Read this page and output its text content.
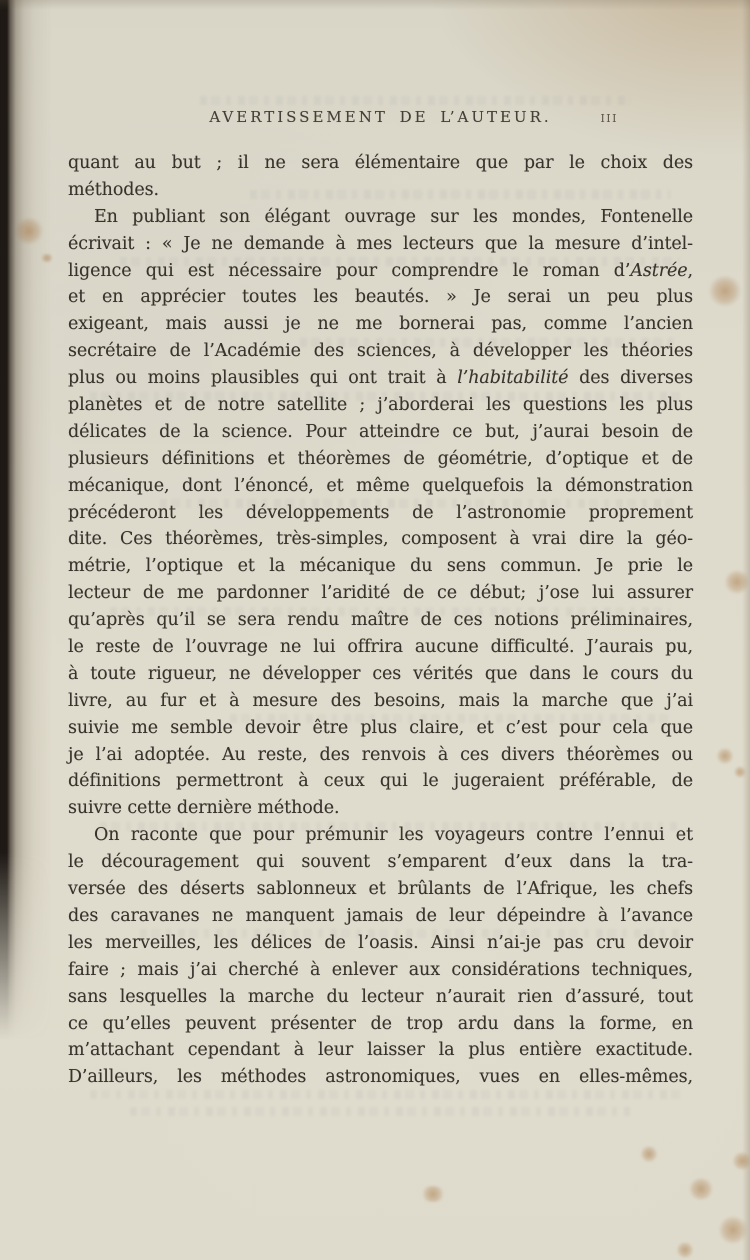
AVERTISSEMENT DE L’AUTEUR.	III
quant au but ; il ne sera élémentaire que par le choix des
méthodes.
En publiant son élégant ouvrage sur les mondes, Fontenelle
écrivait : « Je ne demande à mes lecteurs que la mesure d’intel-
ligence qui est nécessaire pour comprendre le roman d’Astrée,
et en apprécier toutes les beautés. » Je serai un peu plus
exigeant, mais aussi je ne me bornerai pas, comme l’ancien
secrétaire de l’Académie des sciences, à développer les théories
plus ou moins plausibles qui ont trait à l’habitabilité des diverses
planètes et de notre satellite ; j’aborderai les questions les plus
délicates de la science. Pour atteindre ce but, j’aurai besoin de
plusieurs définitions et théorèmes de géométrie, d’optique et de
mécanique, dont l’énoncé, et même quelquefois la démonstration
précéderont les développements de l’astronomie proprement
dite. Ces théorèmes, très-simples, composent à vrai dire la géo-
métrie, l’optique et la mécanique du sens commun. Je prie le
lecteur de me pardonner l’aridité de ce début; j’ose lui assurer
qu’après qu’il se sera rendu maître de ces notions préliminaires,
le reste de l’ouvrage ne lui offrira aucune difficulté. J’aurais pu,
à toute rigueur, ne développer ces vérités que dans le cours du
livre, au fur et à mesure des besoins, mais la marche que j’ai
suivie me semble devoir être plus claire, et c’est pour cela que
je l’ai adoptée. Au reste, des renvois à ces divers théorèmes ou
définitions permettront à ceux qui le jugeraient préférable, de
suivre cette dernière méthode.
On raconte que pour prémunir les voyageurs contre l’ennui et
le découragement qui souvent s’emparent d’eux dans la tra-
versée des déserts sablonneux et brûlants de l’Afrique, les chefs
des caravanes ne manquent jamais de leur dépeindre à l’avance
les merveilles, les délices de l’oasis. Ainsi n’ai-je pas cru devoir
faire ; mais j’ai cherché à enlever aux considérations techniques,
sans lesquelles la marche du lecteur n’aurait rien d’assuré, tout
ce qu’elles peuvent présenter de trop ardu dans la forme, en
m’attachant cependant à leur laisser la plus entière exactitude.
D’ailleurs, les méthodes astronomiques, vues en elles-mêmes,
